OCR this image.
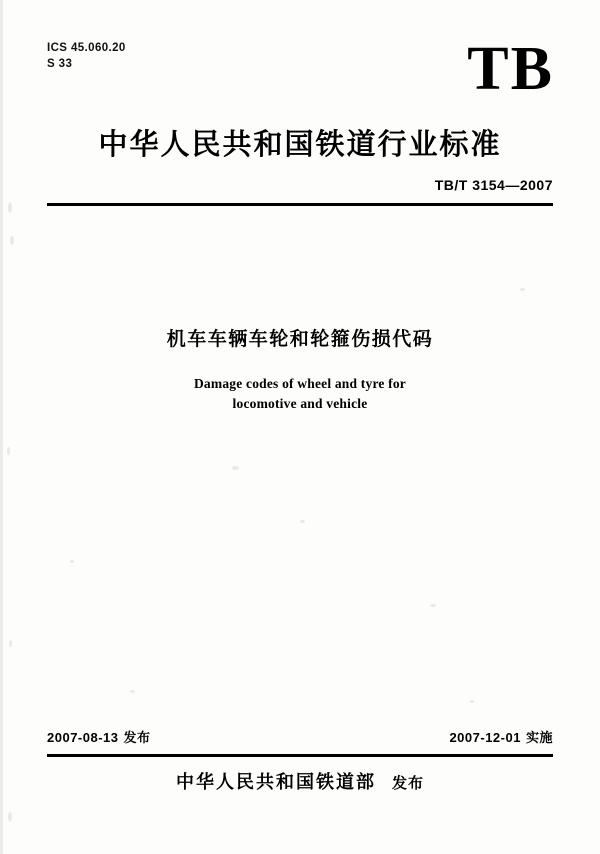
ICS 45.060.20
S 33	TB
中华人民共和国铁道行业标准
TB/T 3154—2007
机车车辆车轮和轮箍伤损代码
Damage codes of wheel and tyre for
locomotive and vehicle
2007-08-13 发布	2007-12-01 实施
中华人民共和国铁道部 发布
